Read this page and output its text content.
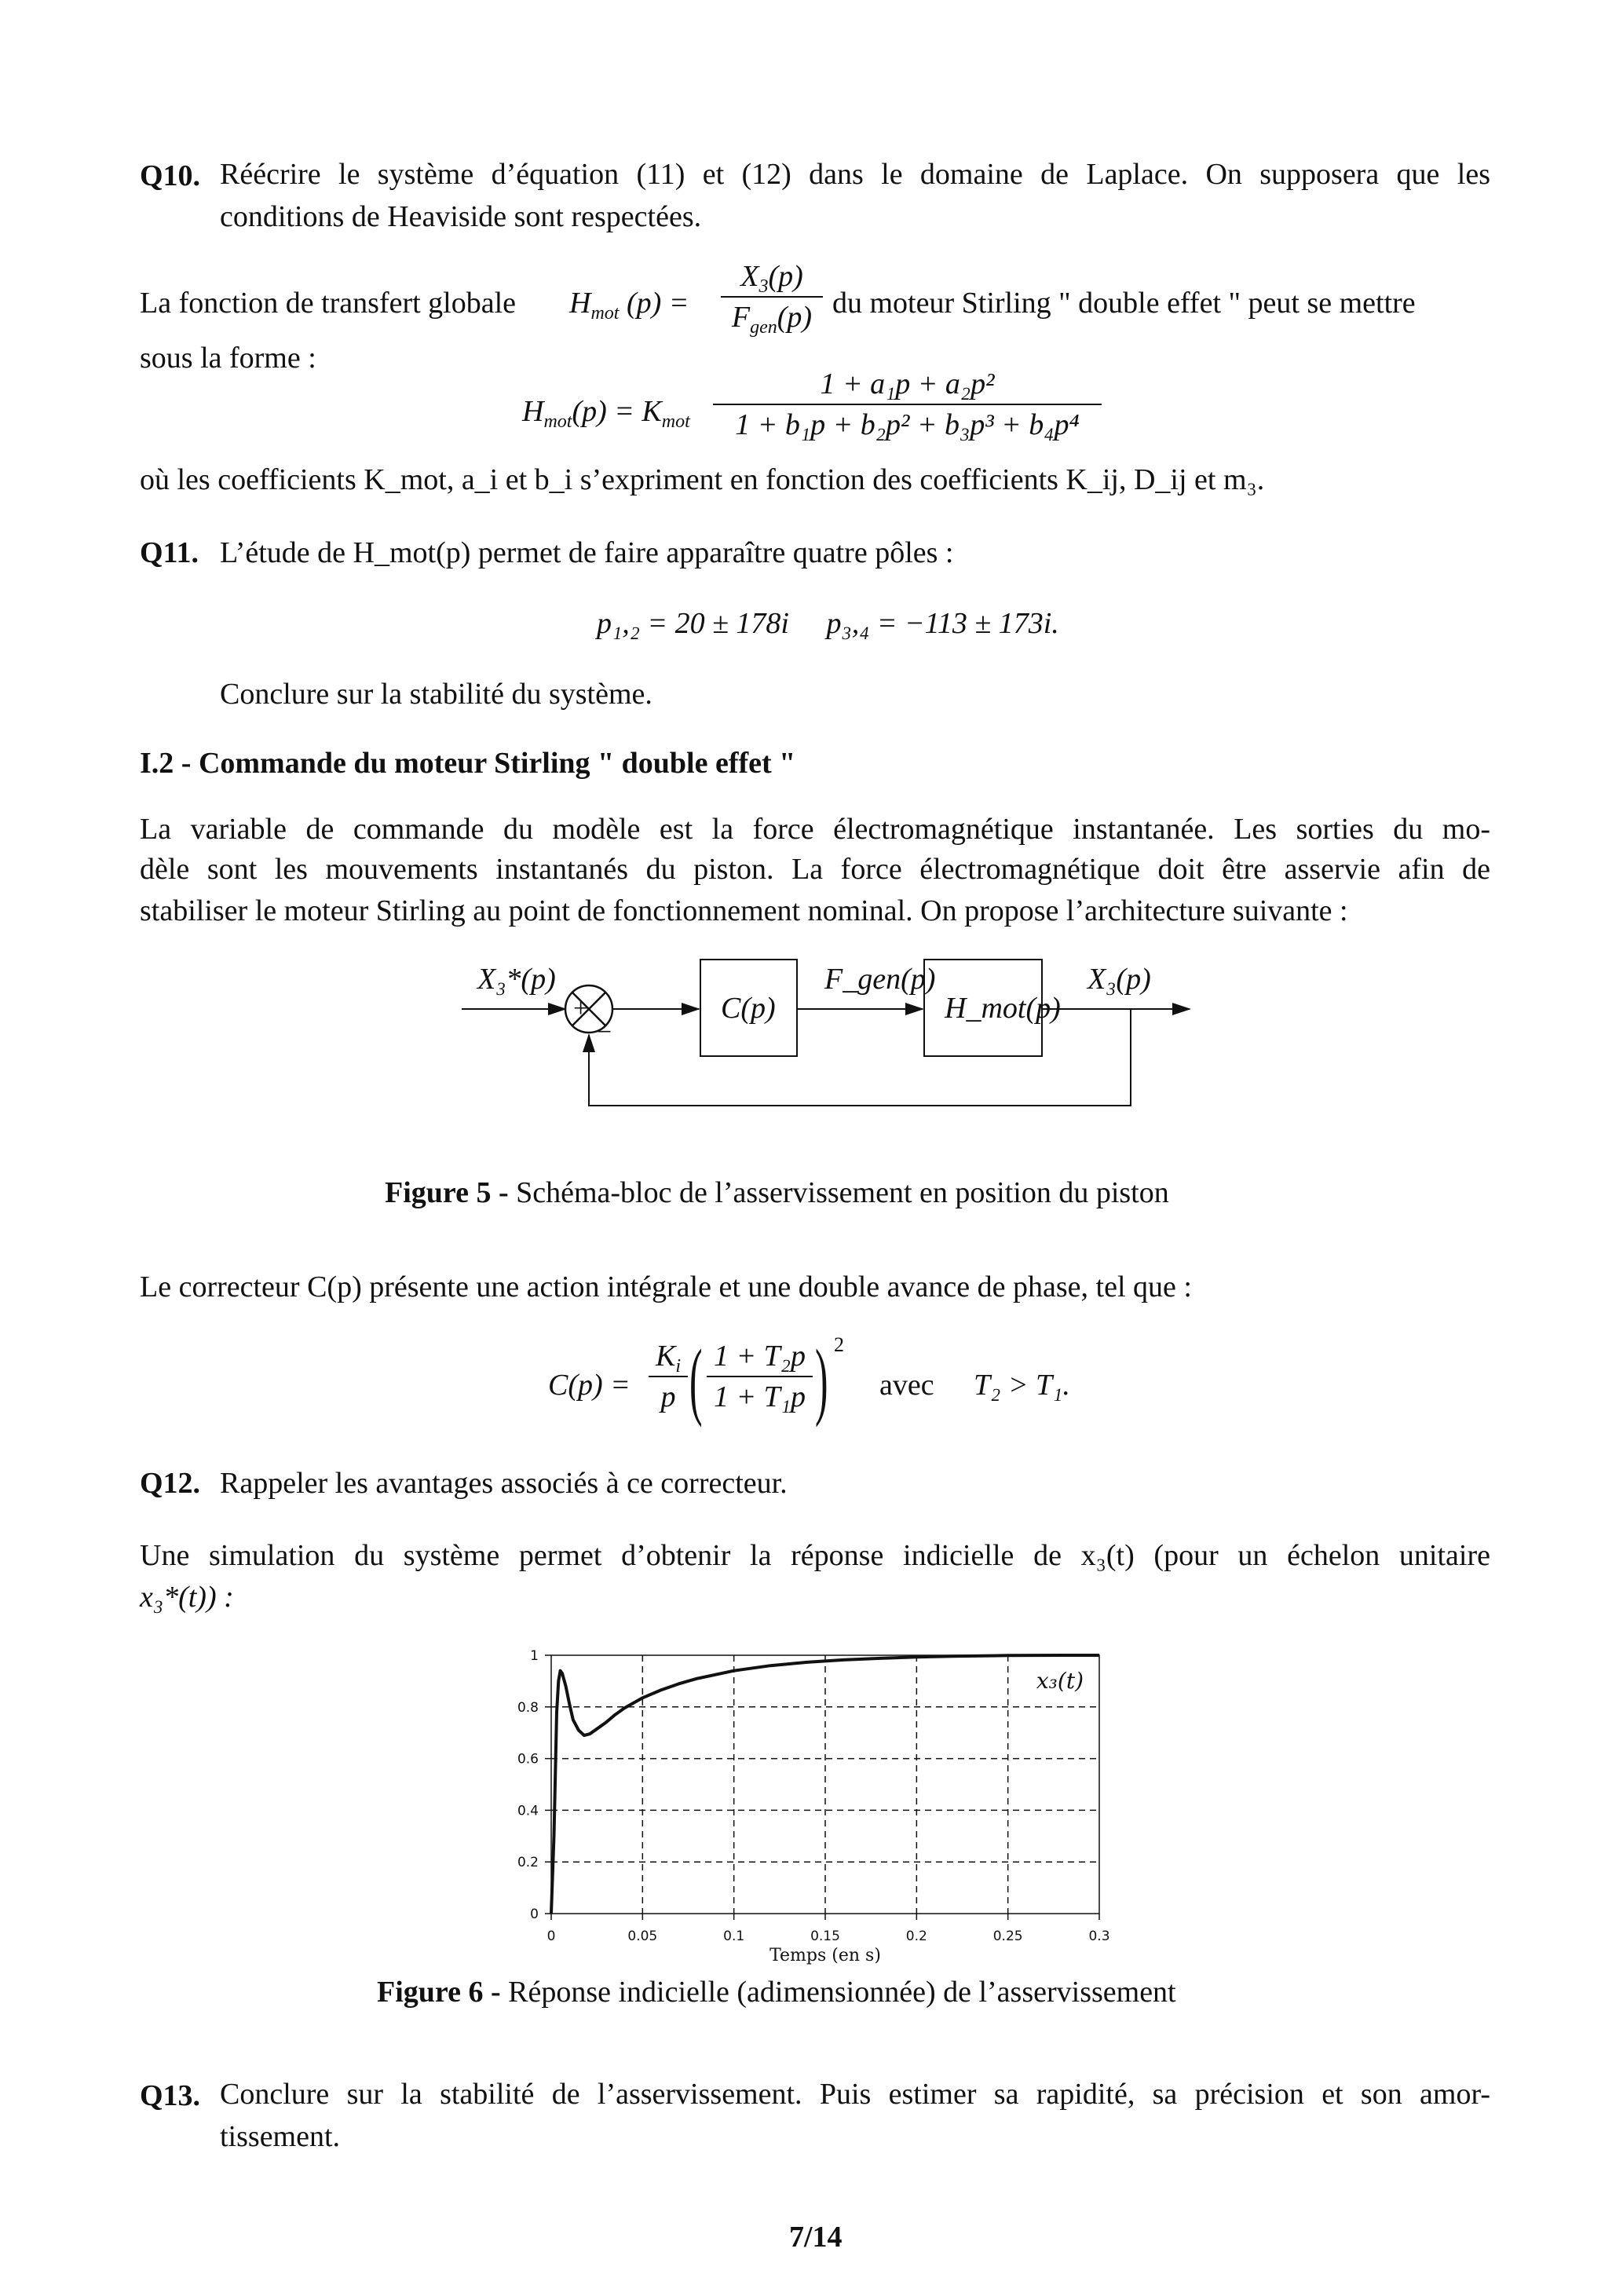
Q10. Réécrire le système d’équation (11) et (12) dans le domaine de Laplace. On supposera que les
conditions de Heaviside sont respectées.
La fonction de transfert globale $H_{mot}$ (p) =
$X_3(p)$
$F_{gen}(p)$ du moteur Stirling " double effet " peut se mettre
sous la forme :
$H_{mot}(p) = K_{mot}$
1 + a₁p + a₂p²
1 + b₁p + b₂p² + b₃p³ + b₄p⁴
où les coefficients K_mot, a_i et b_i s’expriment en fonction des coefficients K_ij, D_ij et m₃.
Q11. L’étude de H_mot(p) permet de faire apparaître quatre pôles :
p₁,₂ = 20 ± 178i     p₃,₄ = −113 ± 173i.
Conclure sur la stabilité du système.
I.2 - Commande du moteur Stirling " double effet "
La variable de commande du modèle est la force électromagnétique instantanée. Les sorties du mo-
dèle sont les mouvements instantanés du piston. La force électromagnétique doit être asservie afin de
stabiliser le moteur Stirling au point de fonctionnement nominal. On propose l’architecture suivante :
X₃*(p)
+
−
C(p)
F_gen(p)
H_mot(p)
X₃(p)
Figure 5 - Schéma-bloc de l’asservissement en position du piston
Le correcteur C(p) présente une action intégrale et une double avance de phase, tel que :
C(p) =
$K_i$
p ( 1 + T₂p
1 + T₁p ) 2
avec T₂ > T₁.
Q12. Rappeler les avantages associés à ce correcteur.
Une simulation du système permet d’obtenir la réponse indicielle de x₃(t) (pour un échelon unitaire
x₃*(t)) :
0	0.05	0.1	0.15	0.2	0.25	0.3
0
0.2
0.4
0.6
0.8
1
x₃(t)
Temps (en s)
Figure 6 - Réponse indicielle (adimensionnée) de l’asservissement
Q13. Conclure sur la stabilité de l’asservissement. Puis estimer sa rapidité, sa précision et son amor-
tissement.
7/14
